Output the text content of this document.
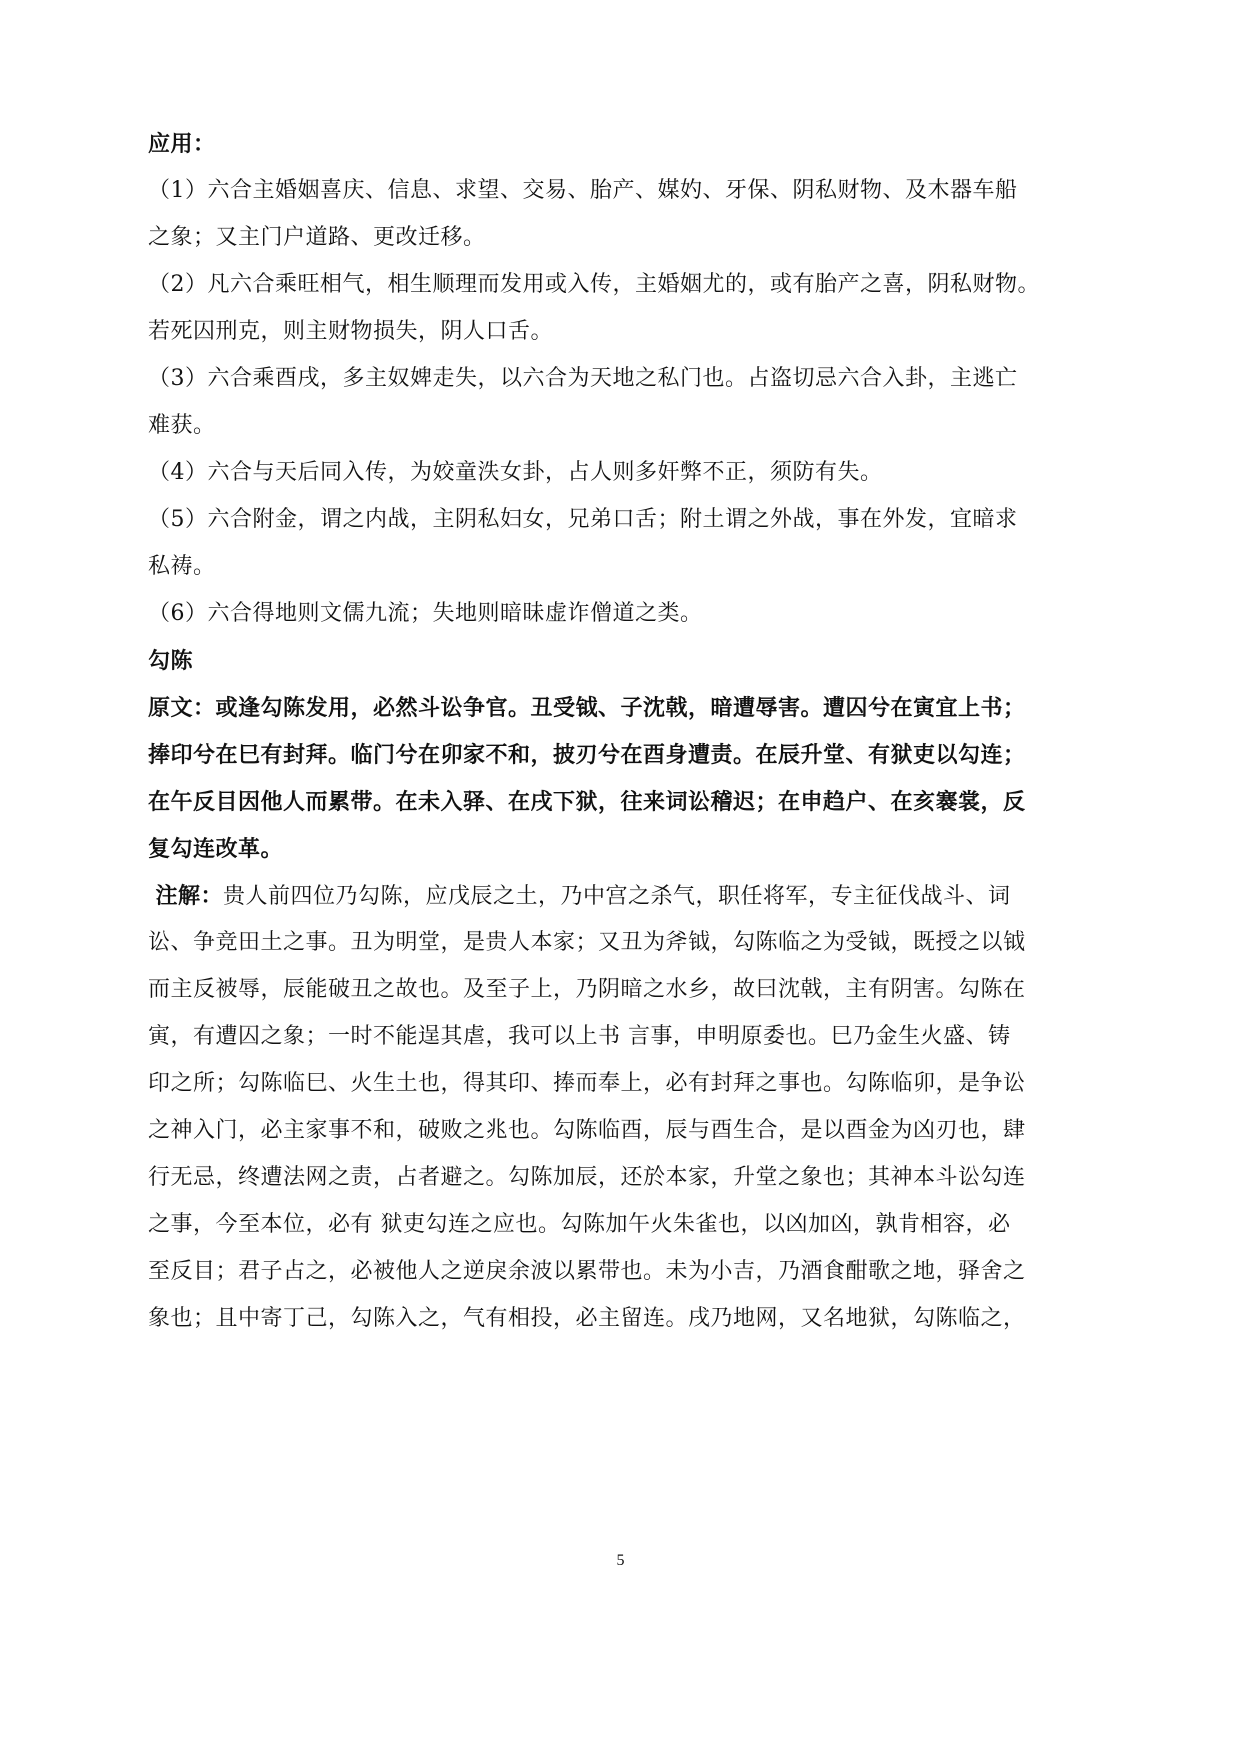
应用：
（1）六合主婚姻喜庆、信息、求望、交易、胎产、媒妁、牙保、阴私财物、及木器车船
之象；又主门户道路、更改迁移。
（2）凡六合乘旺相气，相生顺理而发用或入传，主婚姻尤的，或有胎产之喜，阴私财物。
若死囚刑克，则主财物损失，阴人口舌。
（3）六合乘酉戌，多主奴婢走失，以六合为天地之私门也。占盗切忌六合入卦，主逃亡
难获。
（4）六合与天后同入传，为姣童泆女卦，占人则多奸弊不正，须防有失。
（5）六合附金，谓之内战，主阴私妇女，兄弟口舌；附土谓之外战，事在外发，宜暗求
私祷。
（6）六合得地则文儒九流；失地则暗昧虚诈僧道之类。
勾陈
原文：或逢勾陈发用，必然斗讼争官。丑受钺、子沈戟，暗遭辱害。遭囚兮在寅宜上书；
捧印兮在巳有封拜。临门兮在卯家不和，披刃兮在酉身遭责。在辰升堂、有狱吏以勾连；
在午反目因他人而累带。在未入驿、在戌下狱，往来词讼稽迟；在申趋户、在亥褰裳，反
复勾连改革。
注解：贵人前四位乃勾陈，应戊辰之土，乃中宫之杀气，职任将军，专主征伐战斗、词
讼、争竞田土之事。丑为明堂，是贵人本家；又丑为斧钺，勾陈临之为受钺，既授之以钺
而主反被辱，辰能破丑之故也。及至子上，乃阴暗之水乡，故曰沈戟，主有阴害。勾陈在
寅，有遭囚之象；一时不能逞其虐，我可以上书 言事，申明原委也。巳乃金生火盛、铸
印之所；勾陈临巳、火生土也，得其印、捧而奉上，必有封拜之事也。勾陈临卯，是争讼
之神入门，必主家事不和，破败之兆也。勾陈临酉，辰与酉生合，是以酉金为凶刃也，肆
行无忌，终遭法网之责，占者避之。勾陈加辰，还於本家，升堂之象也；其神本斗讼勾连
之事，今至本位，必有 狱吏勾连之应也。勾陈加午火朱雀也，以凶加凶，孰肯相容，必
至反目；君子占之，必被他人之逆戾余波以累带也。未为小吉，乃酒食酣歌之地，驿舍之
象也；且中寄丁己，勾陈入之，气有相投，必主留连。戌乃地网，又名地狱，勾陈临之，
5
